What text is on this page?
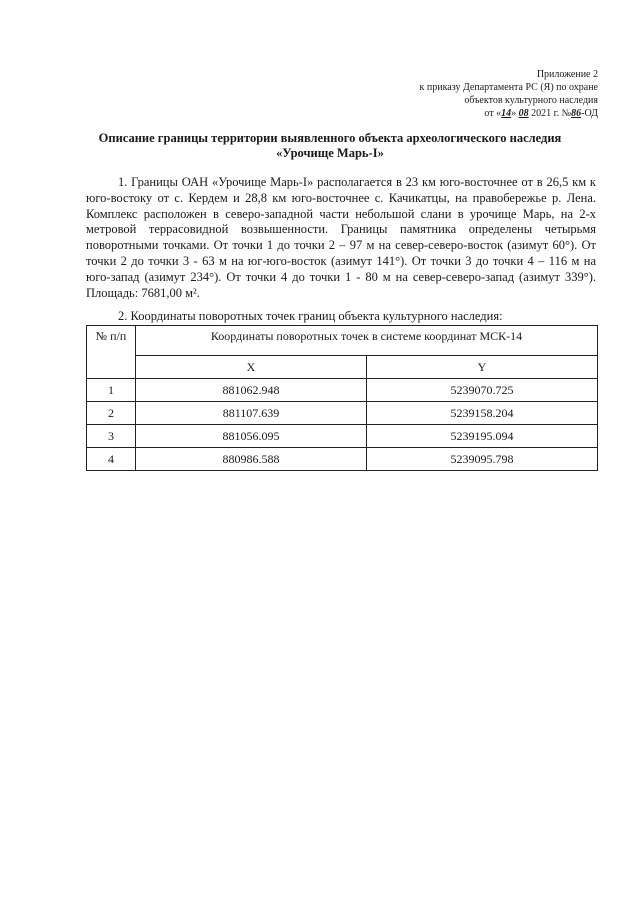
Приложение 2
к приказу Департамента РС (Я) по охране
объектов культурного наследия
от «14» 08 2021 г. №86-ОД
Описание границы территории выявленного объекта археологического наследия
«Урочище Марь-I»
1. Границы ОАН «Урочище Марь-I» располагается в 23 км юго-восточнее от в 26,5 км к юго-востоку от с. Кердем и 28,8 км юго-восточнее с. Качикатцы, на правобережье р. Лена. Комплекс расположен в северо-западной части небольшой слани в урочище Марь, на 2-х метровой террасовидной возвышенности. Границы памятника определены четырьмя поворотными точками. От точки 1 до точки 2 – 97 м на север-северо-восток (азимут 60°). От точки 2 до точки 3 - 63 м на юг-юго-восток (азимут 141°). От точки 3 до точки 4 – 116 м на юго-запад (азимут 234°). От точки 4 до точки 1 - 80 м на север-северо-запад (азимут 339°). Площадь: 7681,00 м².
2. Координаты поворотных точек границ объекта культурного наследия:
№ п/п	Координаты поворотных точек в системе координат МСК-14	
	X	Y
1	881062.948	5239070.725
2	881107.639	5239158.204
3	881056.095	5239195.094
4	880986.588	5239095.798
